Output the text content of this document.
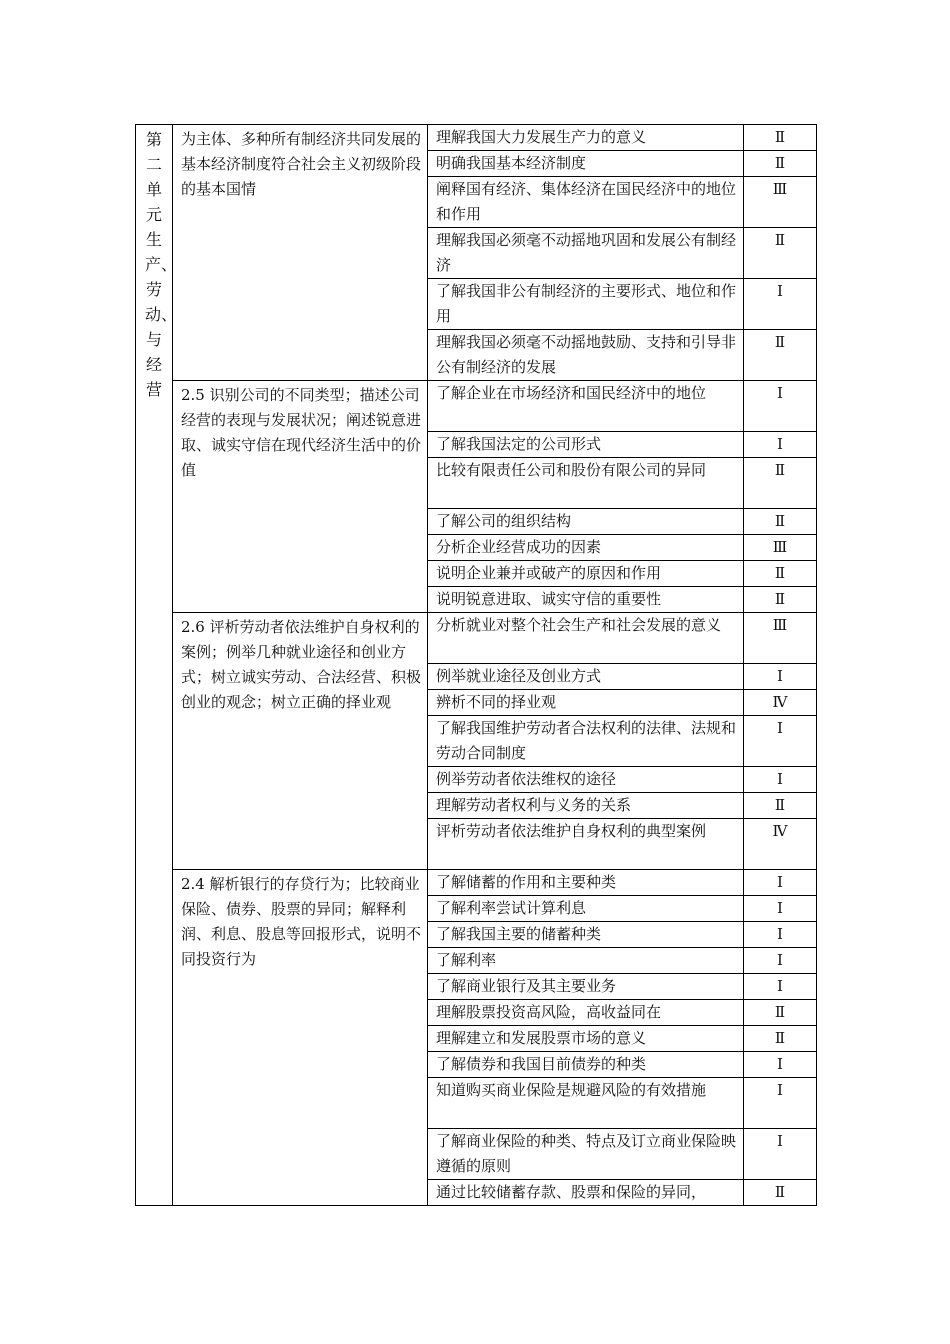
第二单元生产、劳动、与经营	为主体、多种所有制经济共同发展的基本经济制度符合社会主义初级阶段的基本国情	理解我国大力发展生产力的意义	Ⅱ

		明确我国基本经济制度	Ⅱ

		阐释国有经济、集体经济在国民经济中的地位和作用	Ⅲ

		理解我国必须毫不动摇地巩固和发展公有制经济	Ⅱ

		了解我国非公有制经济的主要形式、地位和作用	Ⅰ

		理解我国必须毫不动摇地鼓励、支持和引导非公有制经济的发展	Ⅱ

	2.5 识别公司的不同类型；描述公司经营的表现与发展状况；阐述锐意进取、诚实守信在现代经济生活中的价值	了解企业在市场经济和国民经济中的地位	Ⅰ

		了解我国法定的公司形式	Ⅰ

		比较有限责任公司和股份有限公司的异同	Ⅱ

		了解公司的组织结构	Ⅱ

		分析企业经营成功的因素	Ⅲ

		说明企业兼并或破产的原因和作用	Ⅱ

		说明锐意进取、诚实守信的重要性	Ⅱ

	2.6 评析劳动者依法维护自身权利的案例；例举几种就业途径和创业方式；树立诚实劳动、合法经营、积极创业的观念；树立正确的择业观	分析就业对整个社会生产和社会发展的意义	Ⅲ

		例举就业途径及创业方式	Ⅰ

		辨析不同的择业观	Ⅳ

		了解我国维护劳动者合法权利的法律、法规和劳动合同制度	Ⅰ

		例举劳动者依法维权的途径	Ⅰ

		理解劳动者权利与义务的关系	Ⅱ

		评析劳动者依法维护自身权利的典型案例	Ⅳ

	2.4 解析银行的存贷行为；比较商业保险、债券、股票的异同；解释利润、利息、股息等回报形式，说明不同投资行为	了解储蓄的作用和主要种类	Ⅰ

		了解利率尝试计算利息	Ⅰ

		了解我国主要的储蓄种类	Ⅰ

		了解利率	Ⅰ

		了解商业银行及其主要业务	Ⅰ

		理解股票投资高风险，高收益同在	Ⅱ

		理解建立和发展股票市场的意义	Ⅱ

		了解债券和我国目前债券的种类	Ⅰ

		知道购买商业保险是规避风险的有效措施	Ⅰ

		了解商业保险的种类、特点及订立商业保险映遵循的原则	Ⅰ

		通过比较储蓄存款、股票和保险的异同，	Ⅱ
